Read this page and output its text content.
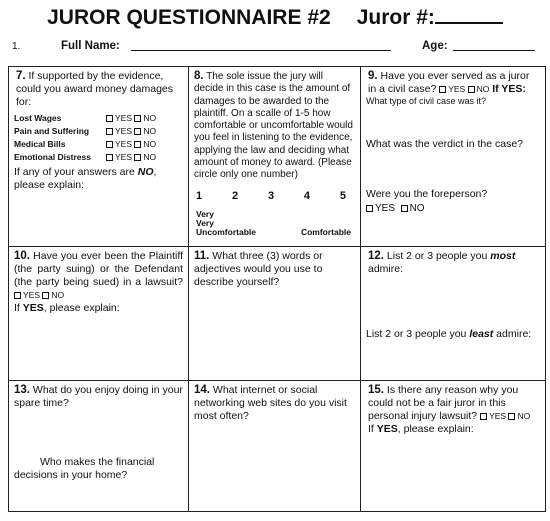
JUROR QUESTIONNAIRE #2 Juror #:
1.	Full Name:	Age:
7. If supported by the evidence, could you award money damages for:
Lost Wages	YES NO
Pain and Suffering	YES NO
Medical Bills	YES NO
Emotional Distress	YES NO
If any of your answers are NO, please explain:
8. The sole issue the jury will decide in this case is the amount of damages to be awarded to the plaintiff. On a scalle of 1-5 how comfortable or uncomfortable would you feel in listening to the evidence, applying the law and deciding what amount of money to award. (Please circle only one number)
1	2	3	4	5
Very
Very
Uncomfortable	Comfortable
9. Have you ever served as a juror in a civil case? YES NO If YES:
What type of civil case was it?
What was the verdict in the case?
Were you the foreperson?
YES NO
10. Have you ever been the Plaintiff (the party suing) or the Defendant (the party being sued) in a lawsuit? YES NO
If YES, please explain:
11. What three (3) words or adjectives would you use to describe yourself?
12. List 2 or 3 people you most admire:
List 2 or 3 people you least admire:
13. What do you enjoy doing in your spare time?
Who makes the financial decisions in your home?
14. What internet or social networking web sites do you visit most often?
15. Is there any reason why you could not be a fair juror in this personal injury lawsuit? YES NO
If YES, please explain:
